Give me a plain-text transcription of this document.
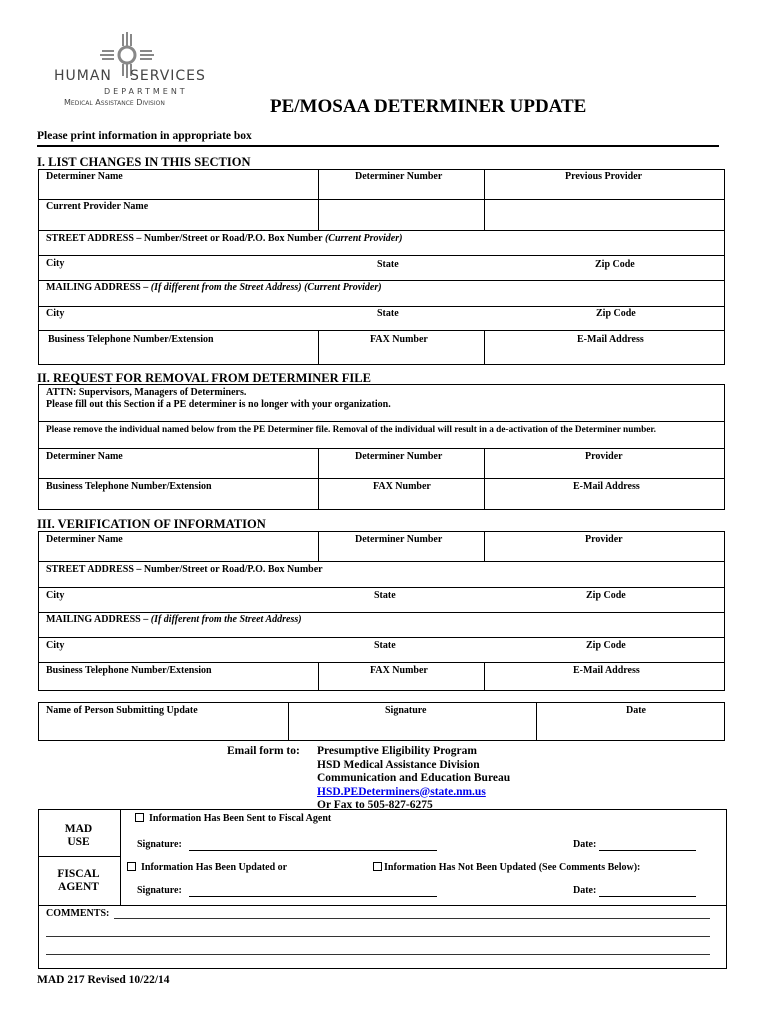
HUMAN SERVICES
DEPARTMENT
Medical Assistance Division	PE/MOSAA DETERMINER UPDATE
Please print information in appropriate box
I. LIST CHANGES IN THIS SECTION
Determiner Name	Determiner Number	Previous Provider
Current Provider Name
STREET ADDRESS – Number/Street or Road/P.O. Box Number (Current Provider)
City	State	Zip Code
MAILING ADDRESS – (If different from the Street Address) (Current Provider)
City	State	Zip Code
Business Telephone Number/Extension	FAX Number	E-Mail Address
II. REQUEST FOR REMOVAL FROM DETERMINER FILE
ATTN: Supervisors, Managers of Determiners.
Please fill out this Section if a PE determiner is no longer with your organization.
Please remove the individual named below from the PE Determiner file. Removal of the individual will result in a de-activation of the Determiner number.
Determiner Name	Determiner Number	Provider
Business Telephone Number/Extension	FAX Number	E-Mail Address
III. VERIFICATION OF INFORMATION
Determiner Name	Determiner Number	Provider
STREET ADDRESS – Number/Street or Road/P.O. Box Number
City	State	Zip Code
MAILING ADDRESS – (If different from the Street Address)
City	State	Zip Code
Business Telephone Number/Extension	FAX Number	E-Mail Address
Name of Person Submitting Update	Signature	Date
Email form to: Presumptive Eligibility Program
HSD Medical Assistance Division
Communication and Education Bureau
HSD.PEDeterminers@state.nm.us
Or Fax to 505-827-6275
MAD
USE
FISCAL
AGENT
Information Has Been Sent to Fiscal Agent
Signature:	Date:
Information Has Been Updated or	Information Has Not Been Updated (See Comments Below):
Signature:	Date:
COMMENTS:
MAD 217 Revised 10/22/14
